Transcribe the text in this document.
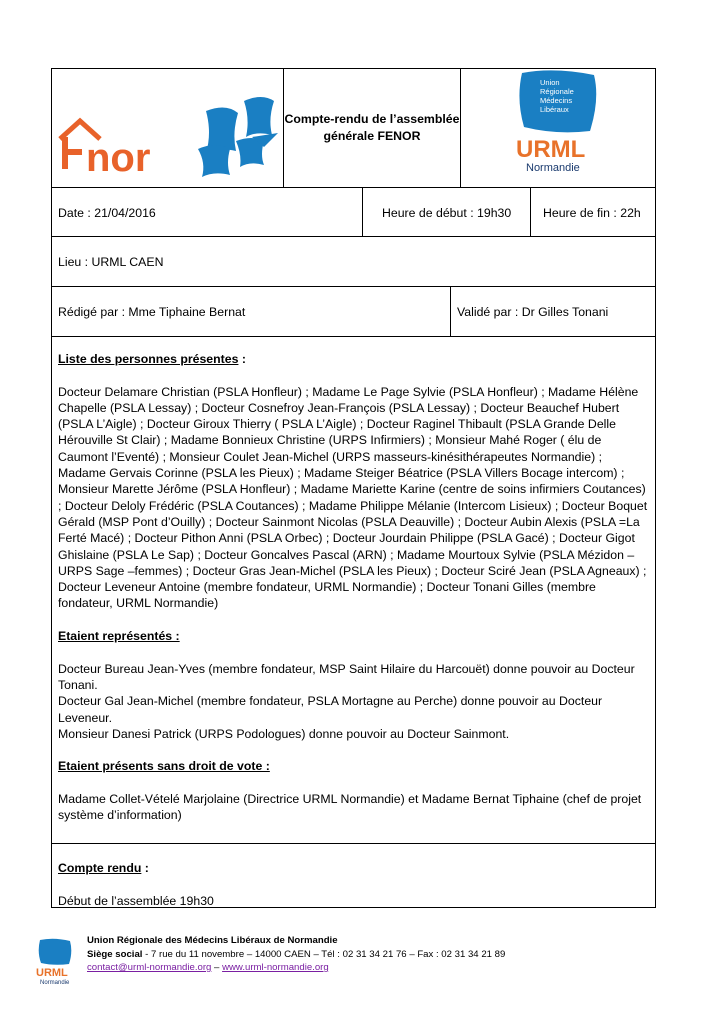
nor
Compte-rendu de l’assemblée générale FENOR
Union
Régionale
Médecins
Libéraux
URML
Normandie
Date : 21/04/2016	Heure de début : 19h30	Heure de fin : 22h
Lieu : URML CAEN
Rédigé par : Mme Tiphaine Bernat	Validé par : Dr Gilles Tonani

Liste des personnes présentes :

Docteur Delamare Christian (PSLA Honfleur) ; Madame Le Page Sylvie (PSLA Honfleur) ; Madame Hélène Chapelle (PSLA Lessay) ; Docteur Cosnefroy Jean-François (PSLA Lessay) ; Docteur Beauchef Hubert (PSLA L’Aigle) ; Docteur Giroux Thierry ( PSLA L’Aigle) ; Docteur Raginel Thibault (PSLA Grande Delle Hérouville St Clair) ; Madame Bonnieux Christine (URPS Infirmiers) ; Monsieur Mahé Roger ( élu de Caumont l’Eventé) ; Monsieur Coulet Jean-Michel (URPS masseurs-kinésithérapeutes Normandie) ; Madame Gervais Corinne (PSLA les Pieux) ; Madame Steiger Béatrice (PSLA Villers Bocage intercom) ; Monsieur Marette Jérôme (PSLA Honfleur) ; Madame Mariette Karine (centre de soins infirmiers Coutances) ; Docteur Deloly Frédéric (PSLA Coutances) ; Madame Philippe Mélanie (Intercom Lisieux) ; Docteur Boquet Gérald (MSP Pont d’Ouilly) ; Docteur Sainmont Nicolas (PSLA Deauville) ; Docteur Aubin Alexis (PSLA =La Ferté Macé) ; Docteur Pithon Anni (PSLA Orbec) ; Docteur Jourdain Philippe (PSLA Gacé) ; Docteur Gigot Ghislaine (PSLA Le Sap) ; Docteur Goncalves Pascal (ARN) ; Madame Mourtoux Sylvie (PSLA Mézidon – URPS Sage –femmes) ; Docteur Gras Jean-Michel (PSLA les Pieux) ; Docteur Sciré Jean (PSLA Agneaux) ; Docteur Leveneur Antoine (membre fondateur, URML Normandie) ; Docteur Tonani Gilles (membre fondateur, URML Normandie)

Etaient représentés :

Docteur Bureau Jean-Yves (membre fondateur, MSP Saint Hilaire du Harcouët) donne pouvoir au Docteur Tonani.

Docteur Gal Jean-Michel (membre fondateur, PSLA Mortagne au Perche) donne pouvoir au Docteur Leveneur.

Monsieur Danesi Patrick (URPS Podologues) donne pouvoir au Docteur Sainmont.

Etaient présents sans droit de vote :

Madame Collet-Vételé Marjolaine (Directrice URML Normandie) et Madame Bernat Tiphaine (chef de projet système d’information)

Compte rendu :

Début de l’assemblée 19h30

URML
Normandie
Union Régionale des Médecins Libéraux de Normandie
Siège social - 7 rue du 11 novembre – 14000 CAEN – Tél : 02 31 34 21 76 – Fax : 02 31 34 21 89
contact@urml-normandie.org – www.urml-normandie.org
